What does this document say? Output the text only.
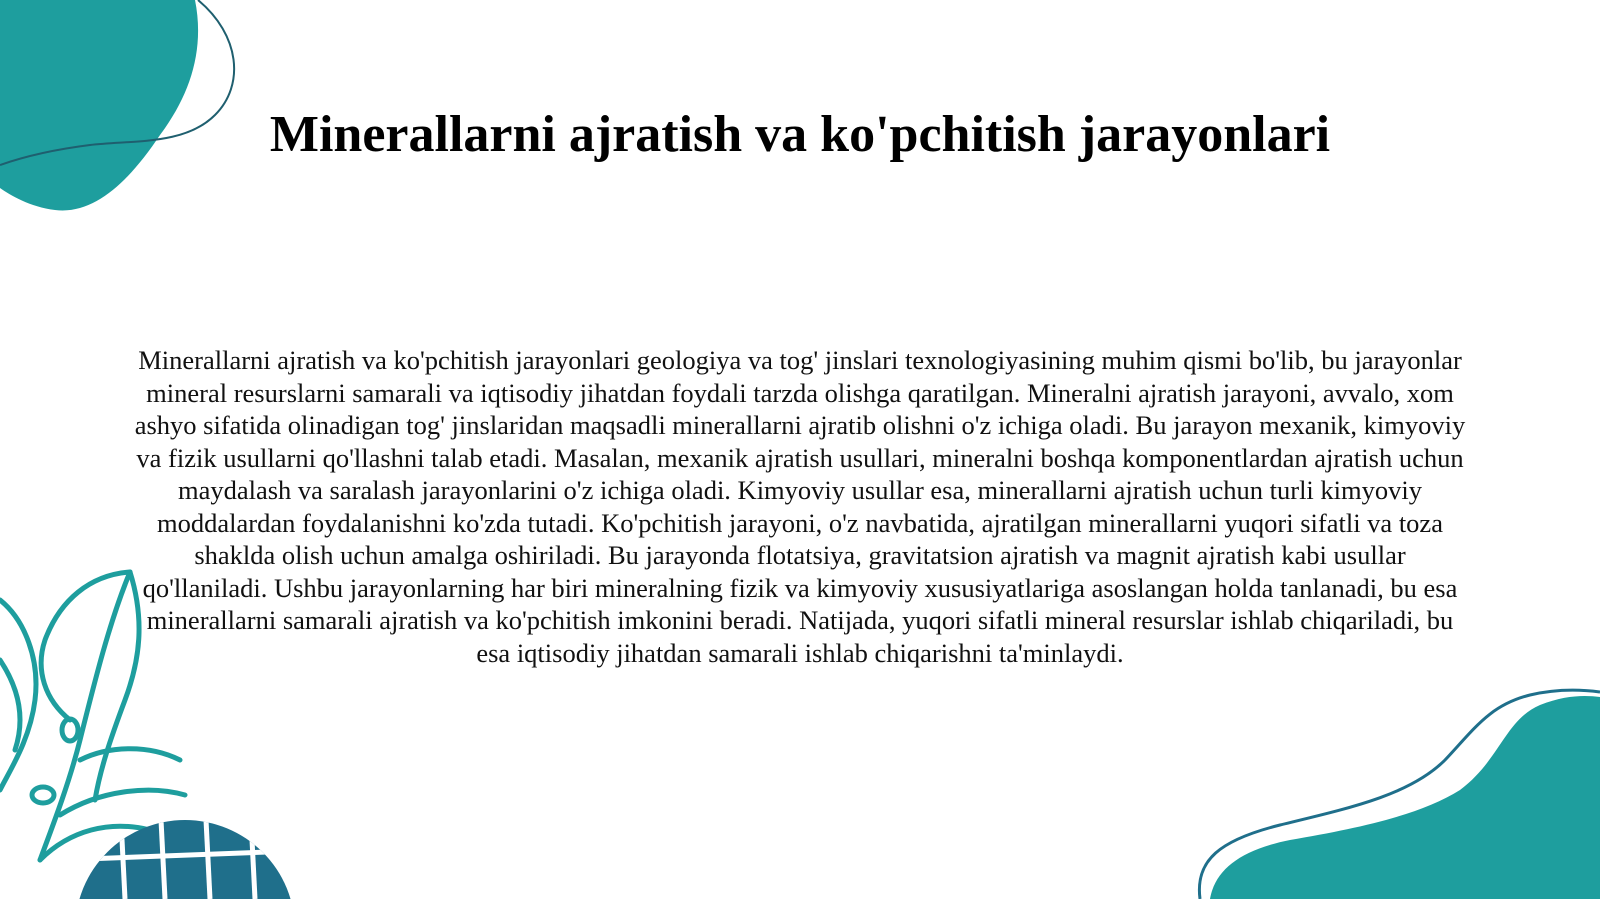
Minerallarni ajratish va ko'pchitish jarayonlari

Minerallarni ajratish va ko'pchitish jarayonlari geologiya va tog' jinslari texnologiyasining muhim qismi bo'lib, bu jarayonlar mineral resurslarni samarali va iqtisodiy jihatdan foydali tarzda olishga qaratilgan. Mineralni ajratish jarayoni, avvalo, xom ashyo sifatida olinadigan tog' jinslaridan maqsadli minerallarni ajratib olishni o'z ichiga oladi. Bu jarayon mexanik, kimyoviy va fizik usullarni qo'llashni talab etadi. Masalan, mexanik ajratish usullari, mineralni boshqa komponentlardan ajratish uchun maydalash va saralash jarayonlarini o'z ichiga oladi. Kimyoviy usullar esa, minerallarni ajratish uchun turli kimyoviy moddalardan foydalanishni ko'zda tutadi. Ko'pchitish jarayoni, o'z navbatida, ajratilgan minerallarni yuqori sifatli va toza shaklda olish uchun amalga oshiriladi. Bu jarayonda flotatsiya, gravitatsion ajratish va magnit ajratish kabi usullar qo'llaniladi. Ushbu jarayonlarning har biri mineralning fizik va kimyoviy xususiyatlariga asoslangan holda tanlanadi, bu esa minerallarni samarali ajratish va ko'pchitish imkonini beradi. Natijada, yuqori sifatli mineral resurslar ishlab chiqariladi, bu esa iqtisodiy jihatdan samarali ishlab chiqarishni ta'minlaydi.
